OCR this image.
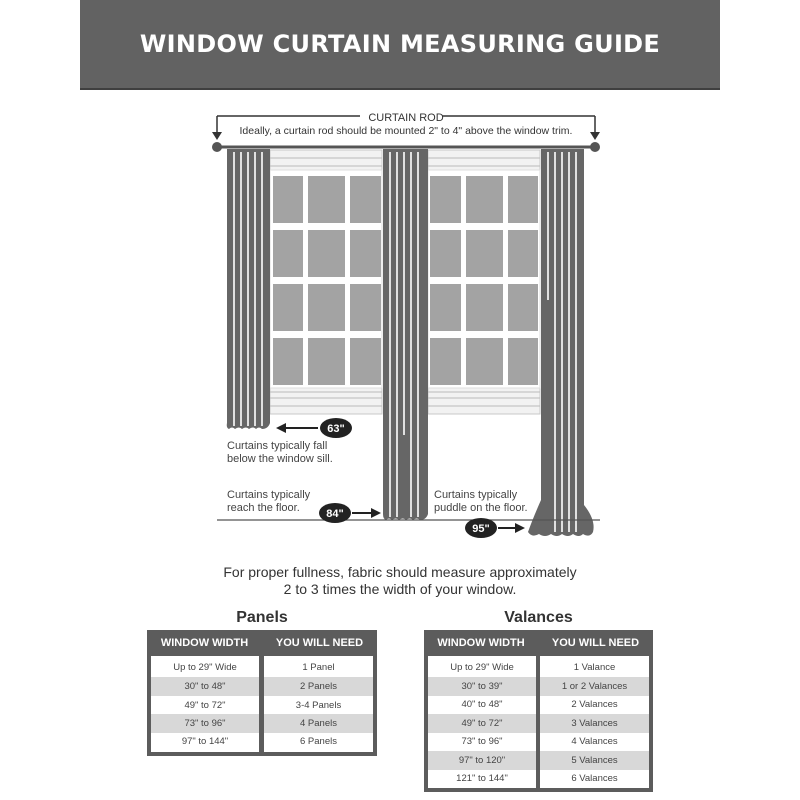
WINDOW CURTAIN MEASURING GUIDE
CURTAIN ROD
Ideally, a curtain rod should be mounted 2" to 4" above the window trim.
63"
84"
95"
Curtains typically fall
below the window sill.
Curtains typically
reach the floor.
Curtains typically
puddle on the floor.
For proper fullness, fabric should measure approximately
2 to 3 times the width of your window.
Panels
WINDOW WIDTH	YOU WILL NEED
Up to 29" Wide
30" to 48"
49" to 72"
73" to 96"
97" to 144"
1 Panel
2 Panels
3-4 Panels
4 Panels
6 Panels
Valances
WINDOW WIDTH	YOU WILL NEED
Up to 29" Wide
30" to 39"
40" to 48"
49" to 72"
73" to 96"
97" to 120"
121" to 144"
1 Valance
1 or 2 Valances
2 Valances
3 Valances
4 Valances
5 Valances
6 Valances
